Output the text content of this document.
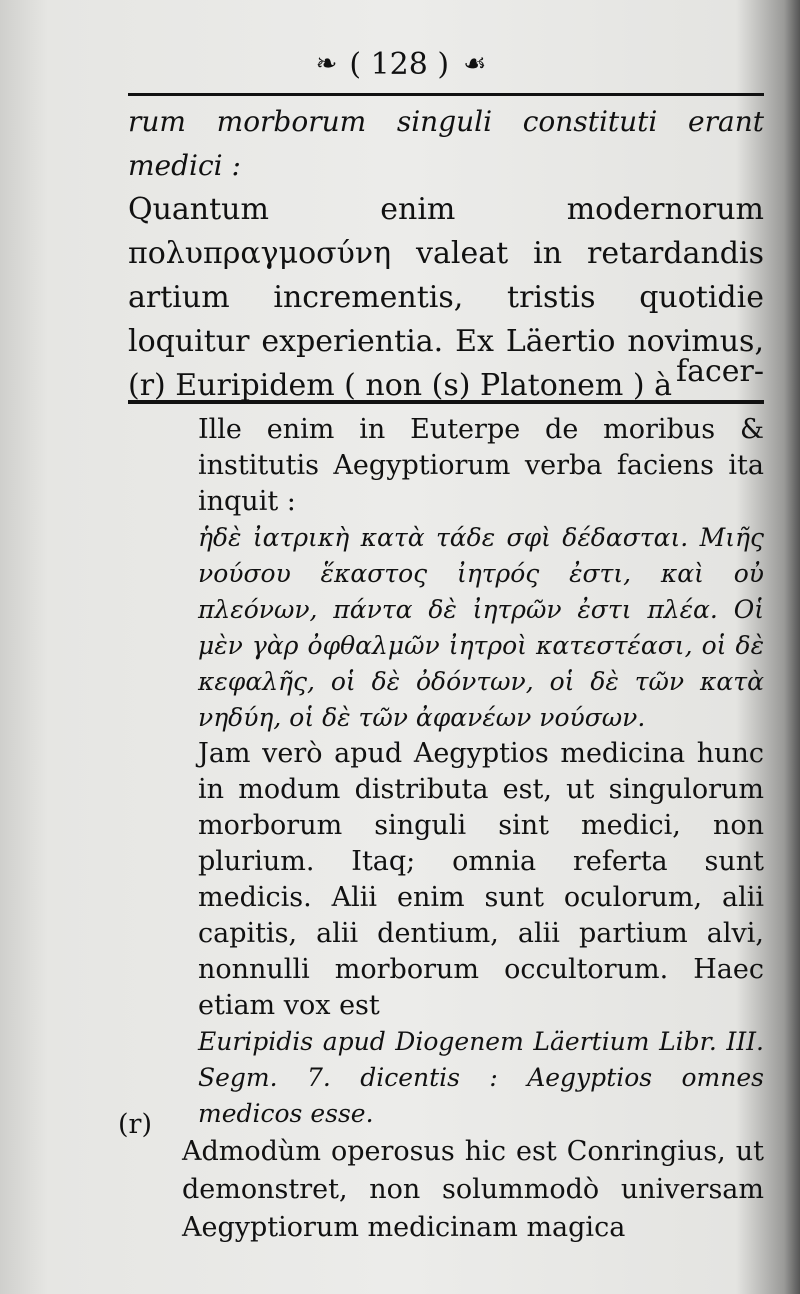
❧ ( 128 ) ☙

rum morborum singuli constituti erant medici :

Quantum enim modernorum πολυπραγμοσύνη valeat in retardandis artium incrementis, tristis quotidie loquitur experientia. Ex Läertio novimus, (r) Euripidem ( non (s) Platonem ) à facer-

Ille enim in Euterpe de moribus & institutis Aegyptiorum verba faciens ita inquit :

ἡδὲ ἰατρικὴ κατὰ τάδε σφὶ δέδασται. Μιῆς νούσου ἕκαστος ἰητρός ἐστι, καὶ οὐ πλεόνων, πάντα δὲ ἰητρῶν ἐστι πλέα. Οἱ μὲν γὰρ ὀφθαλμῶν ἰητροὶ κατεστέασι, οἱ δὲ κεφαλῆς, οἱ δὲ ὀδόντων, οἱ δὲ τῶν κατὰ νηδύη, οἱ δὲ τῶν ἀφανέων νούσων.

Jam verò apud Aegyptios medicina hunc in modum distributa est, ut singulorum morborum singuli sint medici, non plurium. Itaq; omnia referta sunt medicis. Alii enim sunt oculorum, alii capitis, alii dentium, alii partium alvi, nonnulli morborum occultorum. Haec etiam vox est

Euripidis apud Diogenem Läertium Libr. III. Segm. 7. dicentis : Aegyptios omnes medicos esse.

(r)

Admodùm operosus hic est Conringius, ut demonstret, non solummodò universam Aegyptiorum medicinam magica
